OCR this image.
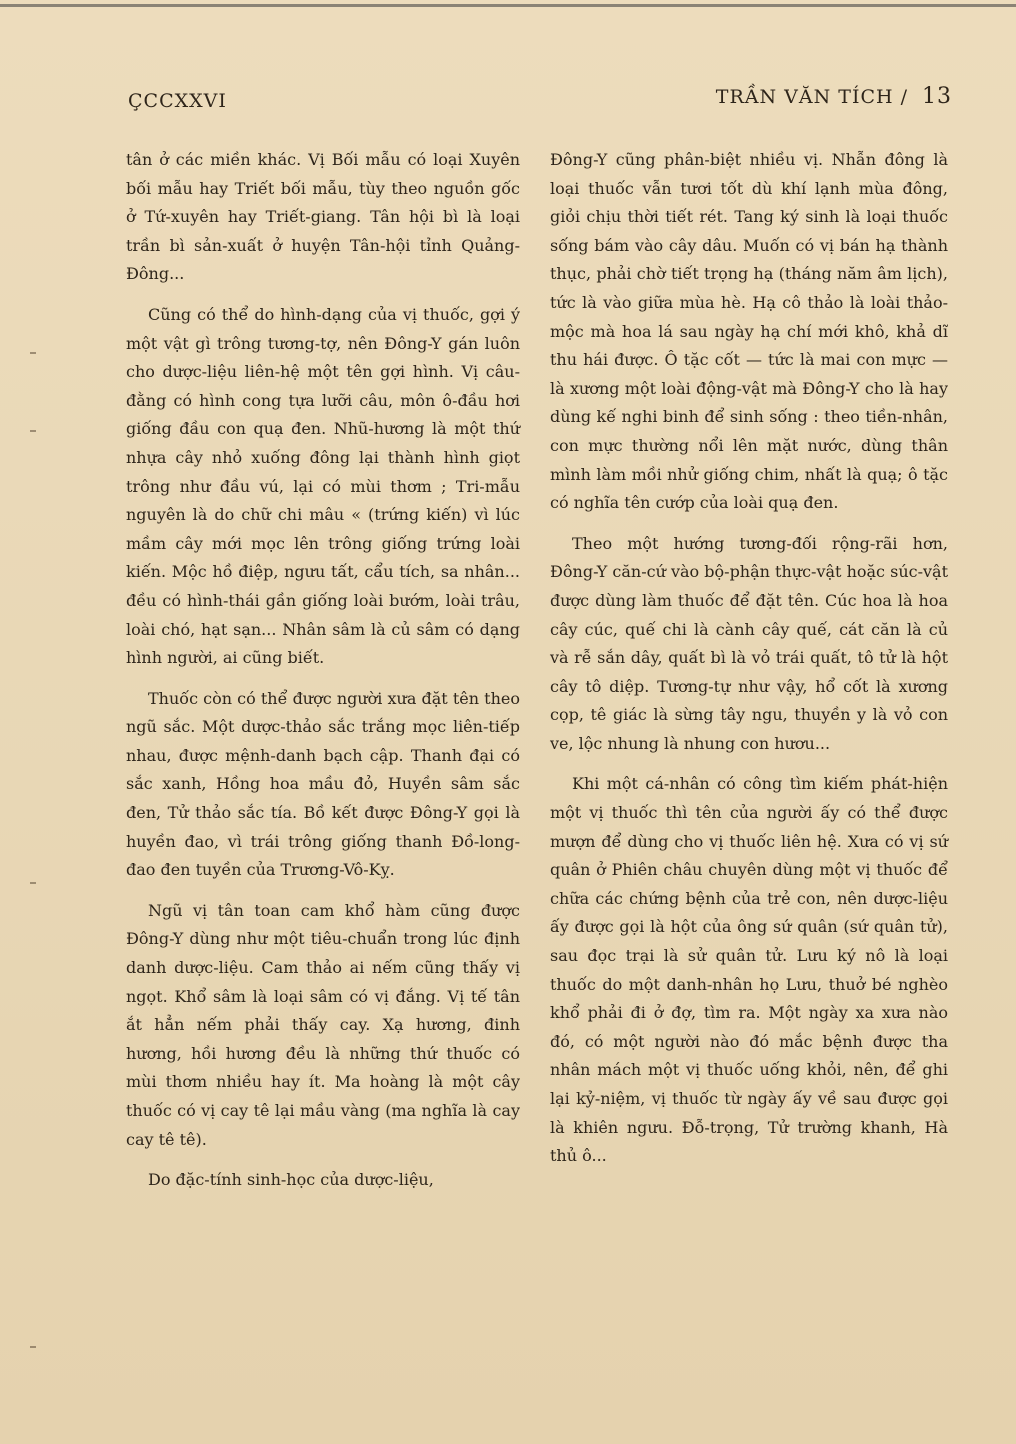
ÇCCXXVI	TRẦN VĂN TÍCH / 13

tân ở các miền khác. Vị Bối mẫu có loại Xuyên bối mẫu hay Triết bối mẫu, tùy theo nguồn gốc ở Tứ-xuyên hay Triết-giang. Tân hội bì là loại trần bì sản-xuất ở huyện Tân-hội tỉnh Quảng-Đông...

Cũng có thể do hình-dạng của vị thuốc, gợi ý một vật gì trông tương-tợ, nên Đông-Y gán luôn cho dược-liệu liên-hệ một tên gợi hình. Vị câu-đằng có hình cong tựa lưỡi câu, môn ô-đầu hơi giống đầu con quạ đen. Nhũ-hương là một thứ nhựa cây nhỏ xuống đông lại thành hình giọt trông như đầu vú, lại có mùi thơm ; Tri-mẫu nguyên là do chữ chi mâu « (trứng kiến) vì lúc mầm cây mới mọc lên trông giống trứng loài kiến. Mộc hồ điệp, ngưu tất, cẩu tích, sa nhân... đều có hình-thái gần giống loài bướm, loài trâu, loài chó, hạt sạn... Nhân sâm là củ sâm có dạng hình người, ai cũng biết.

Thuốc còn có thể được người xưa đặt tên theo ngũ sắc. Một dược-thảo sắc trắng mọc liên-tiếp nhau, được mệnh-danh bạch cập. Thanh đại có sắc xanh, Hồng hoa mầu đỏ, Huyền sâm sắc đen, Tử thảo sắc tía. Bồ kết được Đông-Y gọi là huyền đao, vì trái trông giống thanh Đồ-long-đao đen tuyền của Trương-Vô-Kỵ.

Ngũ vị tân toan cam khổ hàm cũng được Đông-Y dùng như một tiêu-chuẩn trong lúc định danh dược-liệu. Cam thảo ai nếm cũng thấy vị ngọt. Khổ sâm là loại sâm có vị đắng. Vị tế tân ắt hẳn nếm phải thấy cay. Xạ hương, đinh hương, hồi hương đều là những thứ thuốc có mùi thơm nhiều hay ít. Ma hoàng là một cây thuốc có vị cay tê lại mầu vàng (ma nghĩa là cay cay tê tê).

Do đặc-tính sinh-học của dược-liệu,

Đông-Y cũng phân-biệt nhiều vị. Nhẫn đông là loại thuốc vẫn tươi tốt dù khí lạnh mùa đông, giỏi chịu thời tiết rét. Tang ký sinh là loại thuốc sống bám vào cây dâu. Muốn có vị bán hạ thành thục, phải chờ tiết trọng hạ (tháng năm âm lịch), tức là vào giữa mùa hè. Hạ cô thảo là loài thảo-mộc mà hoa lá sau ngày hạ chí mới khô, khả dĩ thu hái được. Ô tặc cốt — tức là mai con mực — là xương một loài động-vật mà Đông-Y cho là hay dùng kế nghi binh để sinh sống : theo tiền-nhân, con mực thường nổi lên mặt nước, dùng thân mình làm mồi nhử giống chim, nhất là quạ; ô tặc có nghĩa tên cướp của loài quạ đen.

Theo một hướng tương-đối rộng-rãi hơn, Đông-Y căn-cứ vào bộ-phận thực-vật hoặc súc-vật được dùng làm thuốc để đặt tên. Cúc hoa là hoa cây cúc, quế chi là cành cây quế, cát căn là củ và rễ sắn dây, quất bì là vỏ trái quất, tô tử là hột cây tô diệp. Tương-tự như vậy, hổ cốt là xương cọp, tê giác là sừng tây ngu, thuyền y là vỏ con ve, lộc nhung là nhung con hươu...

Khi một cá-nhân có công tìm kiếm phát-hiện một vị thuốc thì tên của người ấy có thể được mượn để dùng cho vị thuốc liên hệ. Xưa có vị sứ quân ở Phiên châu chuyên dùng một vị thuốc để chữa các chứng bệnh của trẻ con, nên dược-liệu ấy được gọi là hột của ông sứ quân (sứ quân tử), sau đọc trại là sử quân tử. Lưu ký nô là loại thuốc do một danh-nhân họ Lưu, thuở bé nghèo khổ phải đi ở đợ, tìm ra. Một ngày xa xưa nào đó, có một người nào đó mắc bệnh được tha nhân mách một vị thuốc uống khỏi, nên, để ghi lại kỷ-niệm, vị thuốc từ ngày ấy về sau được gọi là khiên ngưu. Đỗ-trọng, Tử trường khanh, Hà thủ ô...
